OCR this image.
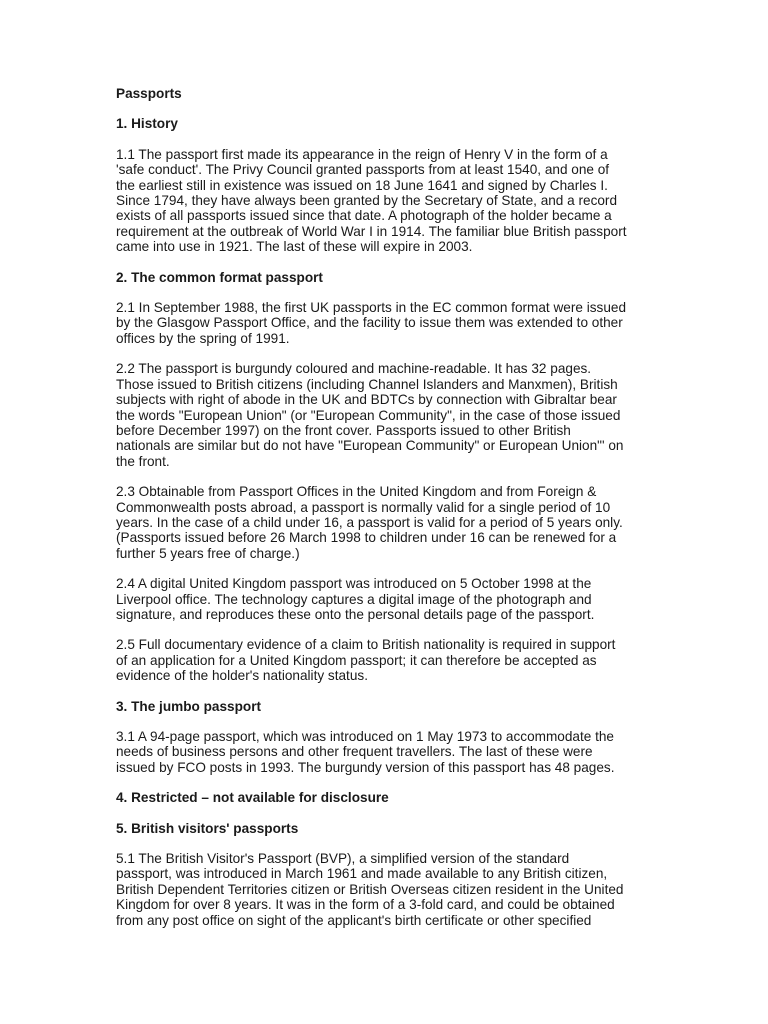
Passports
1. History
1.1 The passport first made its appearance in the reign of Henry V in the form of a
'safe conduct'. The Privy Council granted passports from at least 1540, and one of
the earliest still in existence was issued on 18 June 1641 and signed by Charles I.
Since 1794, they have always been granted by the Secretary of State, and a record
exists of all passports issued since that date. A photograph of the holder became a
requirement at the outbreak of World War I in 1914. The familiar blue British passport
came into use in 1921. The last of these will expire in 2003.
2. The common format passport
2.1 In September 1988, the first UK passports in the EC common format were issued
by the Glasgow Passport Office, and the facility to issue them was extended to other
offices by the spring of 1991.
2.2 The passport is burgundy coloured and machine-readable. It has 32 pages.
Those issued to British citizens (including Channel Islanders and Manxmen), British
subjects with right of abode in the UK and BDTCs by connection with Gibraltar bear
the words "European Union" (or "European Community", in the case of those issued
before December 1997) on the front cover. Passports issued to other British
nationals are similar but do not have "European Community" or European Union"' on
the front.
2.3 Obtainable from Passport Offices in the United Kingdom and from Foreign &
Commonwealth posts abroad, a passport is normally valid for a single period of 10
years. In the case of a child under 16, a passport is valid for a period of 5 years only.
(Passports issued before 26 March 1998 to children under 16 can be renewed for a
further 5 years free of charge.)
2.4 A digital United Kingdom passport was introduced on 5 October 1998 at the
Liverpool office. The technology captures a digital image of the photograph and
signature, and reproduces these onto the personal details page of the passport.
2.5 Full documentary evidence of a claim to British nationality is required in support
of an application for a United Kingdom passport; it can therefore be accepted as
evidence of the holder's nationality status.
3. The jumbo passport
3.1 A 94-page passport, which was introduced on 1 May 1973 to accommodate the
needs of business persons and other frequent travellers. The last of these were
issued by FCO posts in 1993. The burgundy version of this passport has 48 pages.
4. Restricted – not available for disclosure
5. British visitors' passports
5.1 The British Visitor's Passport (BVP), a simplified version of the standard
passport, was introduced in March 1961 and made available to any British citizen,
British Dependent Territories citizen or British Overseas citizen resident in the United
Kingdom for over 8 years. It was in the form of a 3-fold card, and could be obtained
from any post office on sight of the applicant's birth certificate or other specified
